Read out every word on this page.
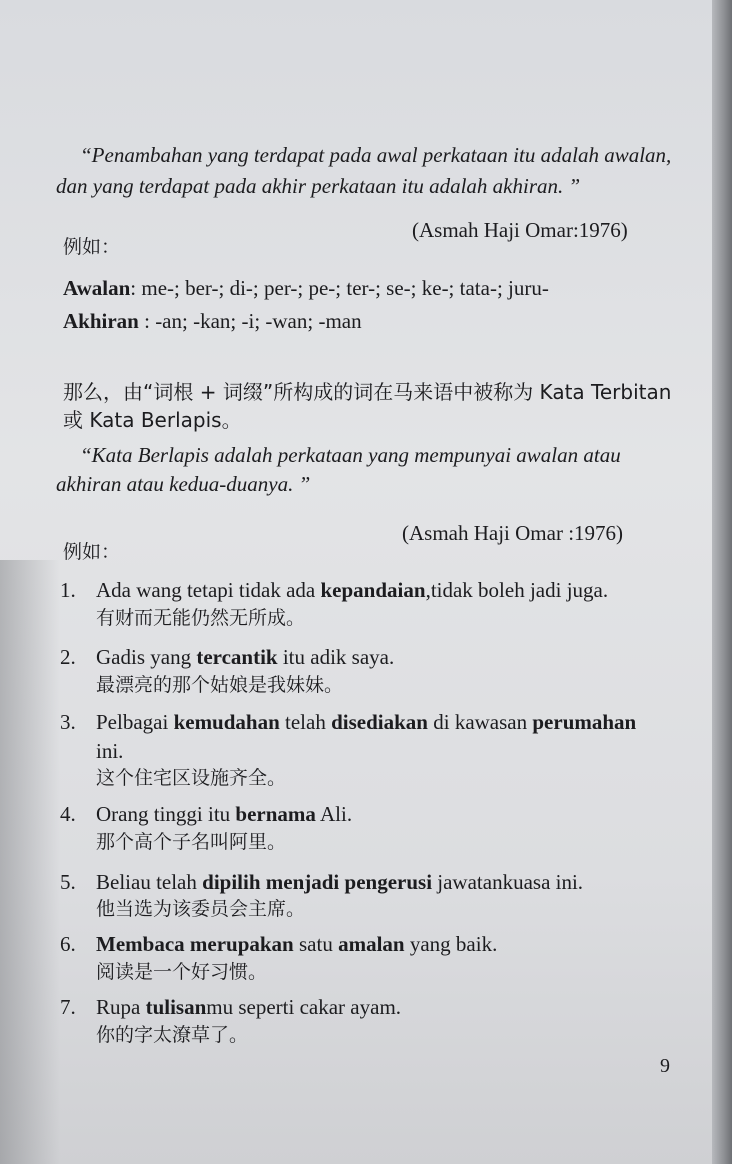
“Penambahan yang terdapat pada awal perkataan itu adalah awalan,
dan yang terdapat pada akhir perkataan itu adalah akhiran. ”
(Asmah Haji Omar:1976)
例如：
Awalan: me-; ber-; di-; per-; pe-; ter-; se-; ke-; tata-; juru-
Akhiran : -an; -kan; -i; -wan; -man
那么，由“词根 + 词缀”所构成的词在马来语中被称为 Kata Terbitan
或 Kata Berlapis。
“Kata Berlapis adalah perkataan yang mempunyai awalan atau
akhiran atau kedua-duanya. ”
(Asmah Haji Omar :1976)
例如：
1. Ada wang tetapi tidak ada kepandaian,tidak boleh jadi juga.
有财而无能仍然无所成。
2. Gadis yang tercantik itu adik saya.
最漂亮的那个姑娘是我妹妹。
3. Pelbagai kemudahan telah disediakan di kawasan perumahan
ini.
这个住宅区设施齐全。
4. Orang tinggi itu bernama Ali.
那个高个子名叫阿里。
5. Beliau telah dipilih menjadi pengerusi jawatankuasa ini.
他当选为该委员会主席。
6. Membaca merupakan satu amalan yang baik.
阅读是一个好习惯。
7. Rupa tulisanmu seperti cakar ayam.
你的字太潦草了。
9
